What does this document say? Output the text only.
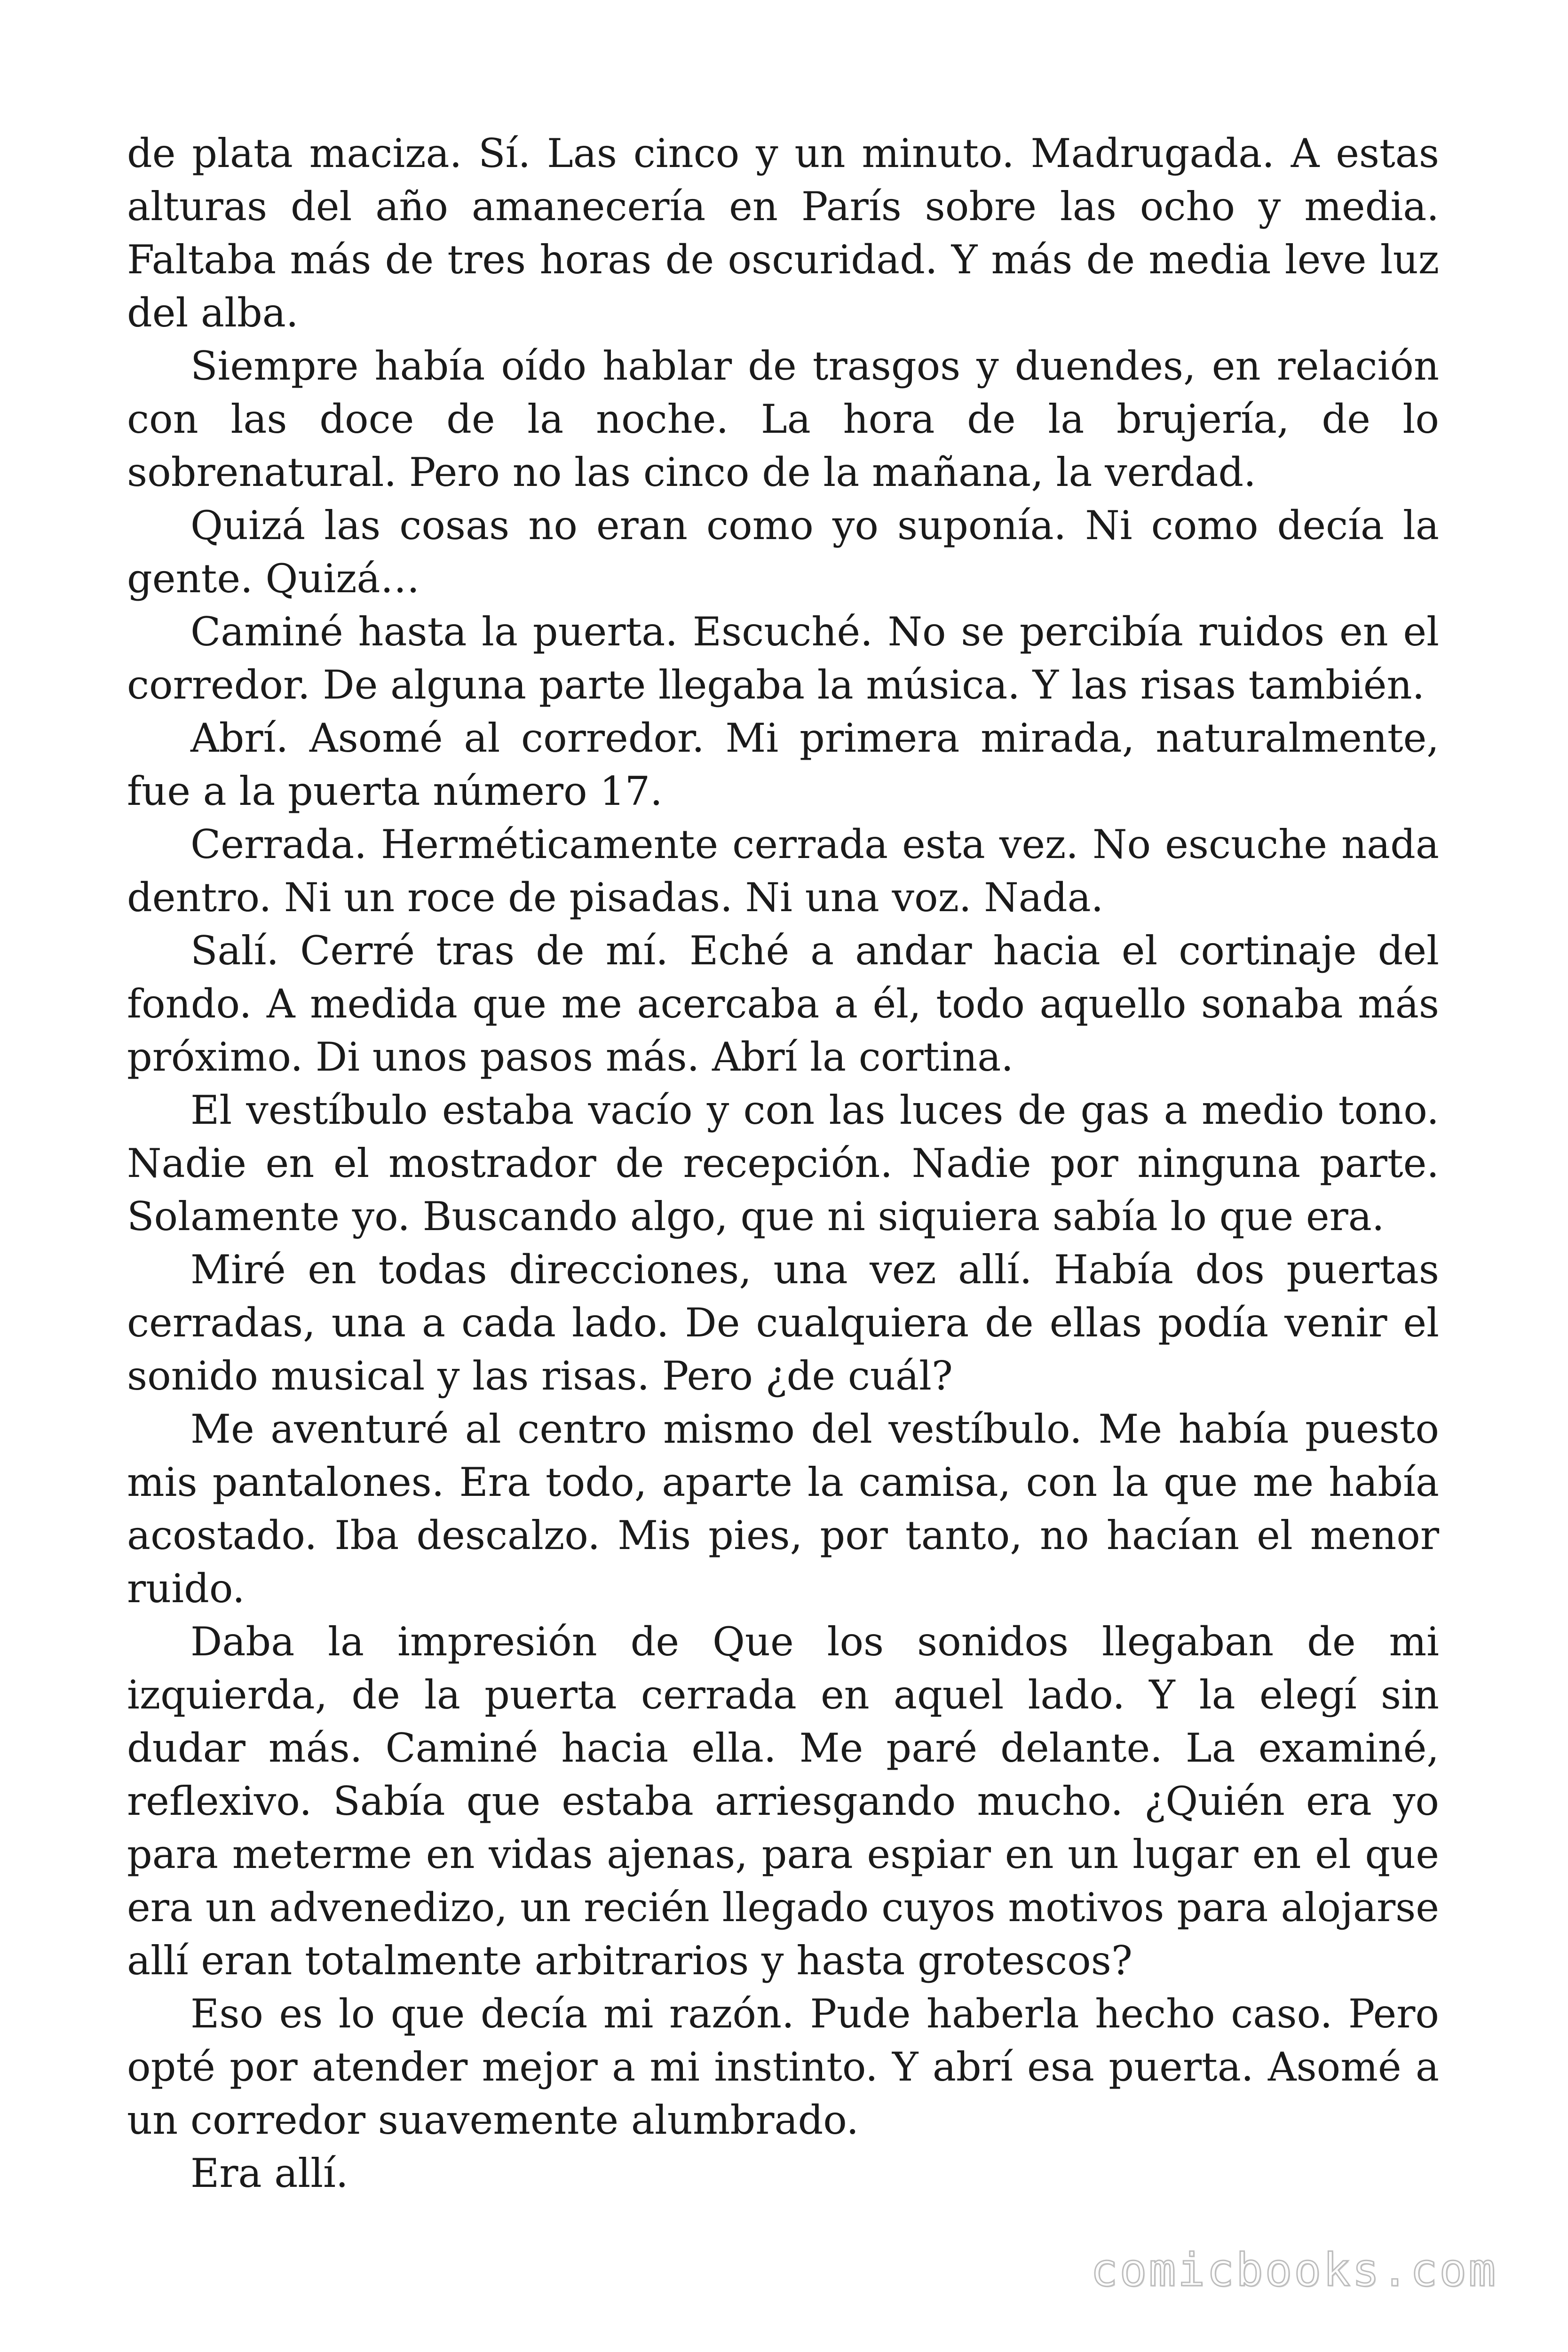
de plata maciza. Sí. Las cinco y un minuto. Madrugada. A estas alturas del año amanecería en París sobre las ocho y media. Faltaba más de tres horas de oscuridad. Y más de media leve luz del alba.

Siempre había oído hablar de trasgos y duendes, en relación con las doce de la noche. La hora de la brujería, de lo sobrenatural. Pero no las cinco de la mañana, la verdad.

Quizá las cosas no eran como yo suponía. Ni como decía la gente. Quizá…

Caminé hasta la puerta. Escuché. No se percibía ruidos en el corredor. De alguna parte llegaba la música. Y las risas también.

Abrí. Asomé al corredor. Mi primera mirada, naturalmente, fue a la puerta número 17.

Cerrada. Herméticamente cerrada esta vez. No escuche nada dentro. Ni un roce de pisadas. Ni una voz. Nada.

Salí. Cerré tras de mí. Eché a andar hacia el cortinaje del fondo. A medida que me acercaba a él, todo aquello sonaba más próximo. Di unos pasos más. Abrí la cortina.

El vestíbulo estaba vacío y con las luces de gas a medio tono. Nadie en el mostrador de recepción. Nadie por ninguna parte. Solamente yo. Buscando algo, que ni siquiera sabía lo que era.

Miré en todas direcciones, una vez allí. Había dos puertas cerradas, una a cada lado. De cualquiera de ellas podía venir el sonido musical y las risas. Pero ¿de cuál?

Me aventuré al centro mismo del vestíbulo. Me había puesto mis pantalones. Era todo, aparte la camisa, con la que me había acostado. Iba descalzo. Mis pies, por tanto, no hacían el menor ruido.

Daba la impresión de Que los sonidos llegaban de mi izquierda, de la puerta cerrada en aquel lado. Y la elegí sin dudar más. Caminé hacia ella. Me paré delante. La examiné, reflexivo. Sabía que estaba arriesgando mucho. ¿Quién era yo para meterme en vidas ajenas, para espiar en un lugar en el que era un advenedizo, un recién llegado cuyos motivos para alojarse allí eran totalmente arbitrarios y hasta grotescos?

Eso es lo que decía mi razón. Pude haberla hecho caso. Pero opté por atender mejor a mi instinto. Y abrí esa puerta. Asomé a un corredor suavemente alumbrado.

Era allí.

comicbooks.com
